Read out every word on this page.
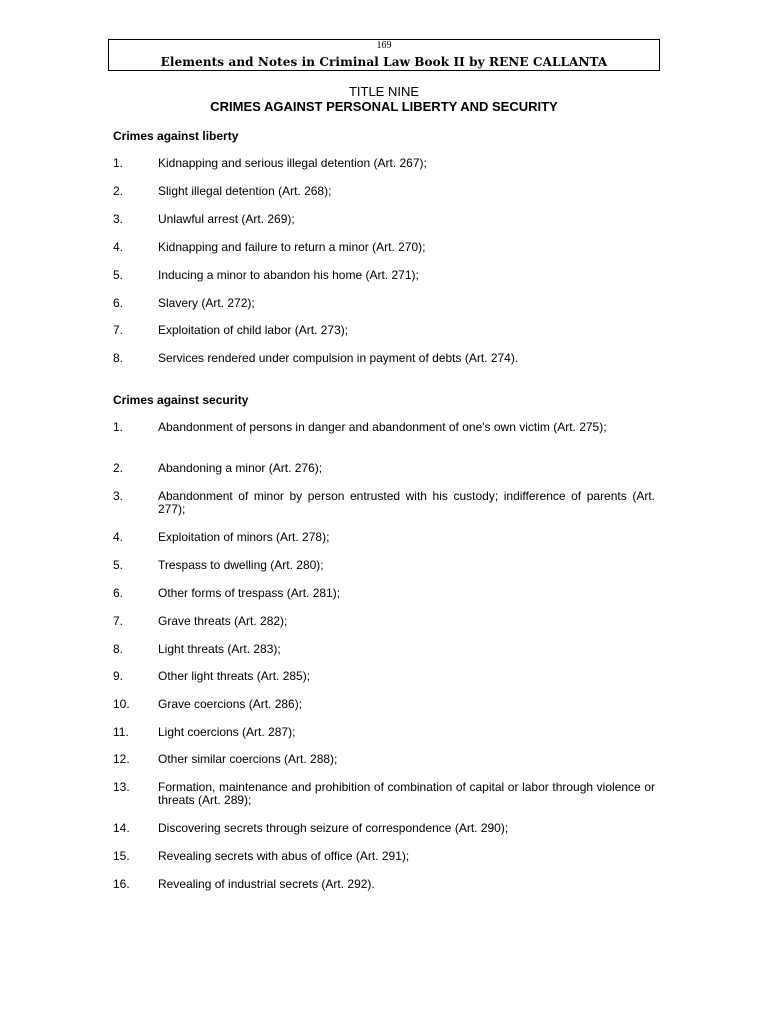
169
Elements and Notes in Criminal Law Book II by RENE CALLANTA
TITLE NINE
CRIMES AGAINST PERSONAL LIBERTY AND SECURITY
Crimes against liberty
1.	Kidnapping and serious illegal detention (Art. 267);
2.	Slight illegal detention (Art. 268);
3.	Unlawful arrest (Art. 269);
4.	Kidnapping and failure to return a minor (Art. 270);
5.	Inducing a minor to abandon his home (Art. 271);
6.	Slavery (Art. 272);
7.	Exploitation of child labor (Art. 273);
8.	Services rendered under compulsion in payment of debts (Art. 274).
Crimes against security
1.	Abandonment of persons in danger and abandonment of one's own victim (Art. 275);
2.	Abandoning a minor (Art. 276);
3.	Abandonment of minor by person entrusted with his custody; indifference of parents (Art. 277);
4.	Exploitation of minors (Art. 278);
5.	Trespass to dwelling (Art. 280);
6.	Other forms of trespass (Art. 281);
7.	Grave threats (Art. 282);
8.	Light threats (Art. 283);
9.	Other light threats (Art. 285);
10. Grave coercions (Art. 286);
11. Light coercions (Art. 287);
12. Other similar coercions (Art. 288);
13. Formation, maintenance and prohibition of combination of capital or labor through violence or threats (Art. 289);
14. Discovering secrets through seizure of correspondence (Art. 290);
15. Revealing secrets with abus of office (Art. 291);
16. Revealing of industrial secrets (Art. 292).
